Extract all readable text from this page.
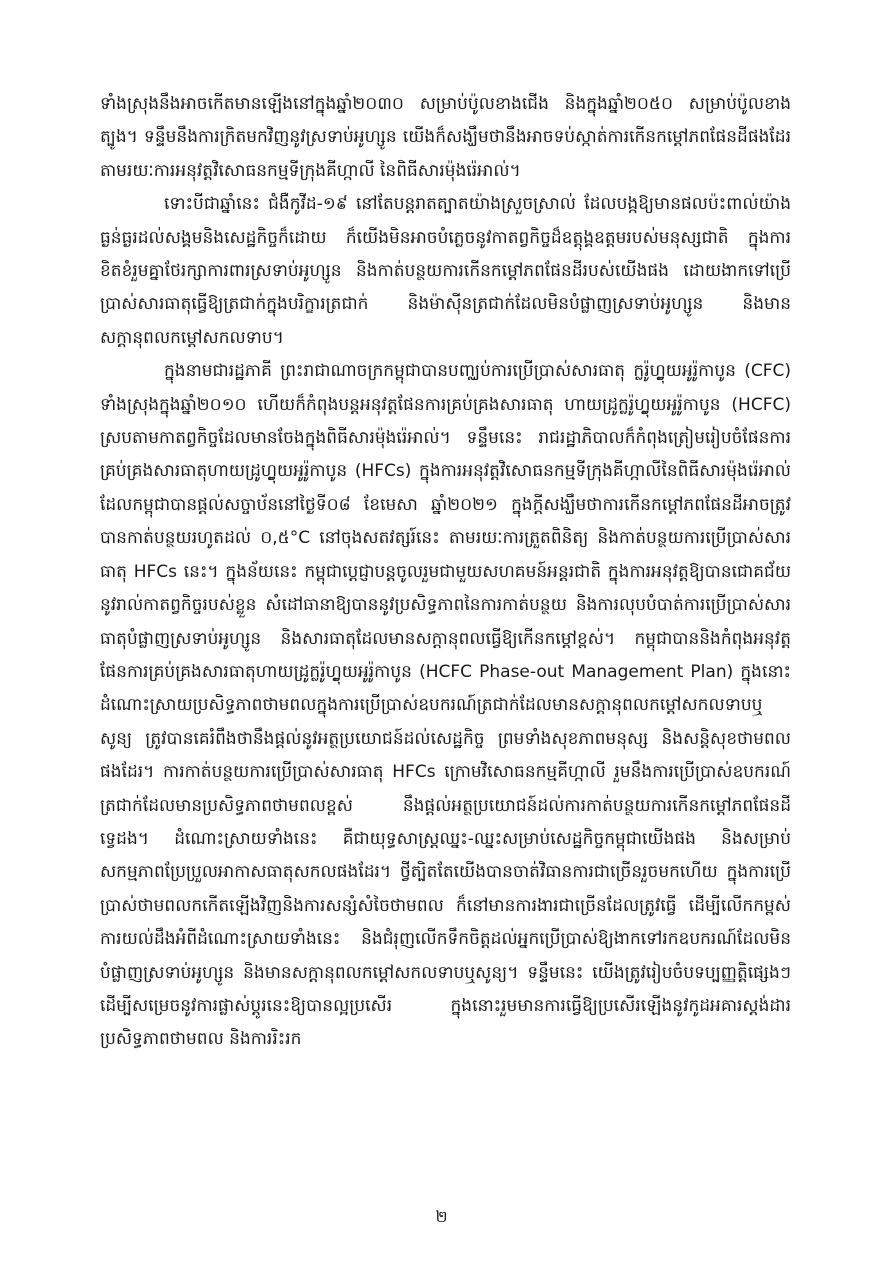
ទាំងស្រុងនឹងអាចកើតមានឡើងនៅក្នុងឆ្នាំ២០៣០ សម្រាប់ប៉ូលខាងជើង និងក្នុងឆ្នាំ២០៥០ សម្រាប់ប៉ូលខាងត្បូង។ ទន្ទឹមនឹងការក្រិតមកវិញនូវស្រទាប់អូហ្សូន យើងក៏សង្ឃឹមថានឹងអាចទប់ស្កាត់ការកើនកម្តៅភពផែនដីផងដែរ តាមរយៈការអនុវត្តវិសោធនកម្មទីក្រុងគីហ្កាលី នៃពិធីសារម៉ុងរ៉េអាល់។

ទោះបីជាឆ្នាំនេះ ជំងឺកូវីដ-១៩ នៅតែបន្តរាតត្បាតយ៉ាងស្រួចស្រាល់ ដែលបង្កឱ្យមានផលប៉ះពាល់យ៉ាងធ្ងន់ធ្ងរដល់សង្គមនិងសេដ្ឋកិច្ចក៏ដោយ ក៏យើងមិនអាចបំភ្លេចនូវកាតព្វកិច្ចដ៏ឧត្តុង្គឧត្តមរបស់មនុស្សជាតិ ក្នុងការខិតខំរួមគ្នាថែរក្សាការពារស្រទាប់អូហ្សូន និងកាត់បន្ថយការកើនកម្តៅភពផែនដីរបស់យើងផង ដោយងាកទៅប្រើប្រាស់សារធាតុធ្វើឱ្យត្រជាក់ក្នុងបរិក្ខារត្រជាក់ និងម៉ាស៊ីនត្រជាក់ដែលមិនបំផ្លាញស្រទាប់អូហ្សូន និងមានសក្តានុពលកម្តៅសកលទាប។

ក្នុងនាមជារដ្ឋភាគី ព្រះរាជាណាចក្រកម្ពុជាបានបញ្ឈប់ការប្រើប្រាស់សារធាតុ ក្លរ៉ូហ្វ្លុយអូរ៉ូកាបូន (CFC) ទាំងស្រុងក្នុងឆ្នាំ២០១០ ហើយក៏កំពុងបន្តអនុវត្តផែនការគ្រប់គ្រងសារធាតុ ហាយដ្រូក្លរ៉ូហ្វ្លុយអូរ៉ូកាបូន (HCFC) ស្របតាមកាតព្វកិច្ចដែលមានចែងក្នុងពិធីសារម៉ុងរ៉េអាល់។ ទន្ទឹមនេះ រាជរដ្ឋាភិបាលក៏កំពុងត្រៀមរៀបចំផែនការគ្រប់គ្រងសារធាតុហាយដ្រូហ្វ្លុយអូរ៉ូកាបូន (HFCs) ក្នុងការអនុវត្តវិសោធនកម្មទីក្រុងគីហ្កាលីនៃពិធីសារម៉ុងរ៉េអាល់ ដែលកម្ពុជាបានផ្តល់សច្ចាប័ននៅថ្ងៃទី០៨ ខែមេសា ឆ្នាំ២០២១ ក្នុងក្តីសង្ឃឹមថាការកើនកម្តៅភពផែនដីអាចត្រូវបានកាត់បន្ថយរហូតដល់ ០,៥°C នៅចុងសតវត្សរ៍នេះ តាមរយៈការត្រួតពិនិត្យ និងកាត់បន្ថយការប្រើប្រាស់សារធាតុ HFCs នេះ។ ក្នុងន័យនេះ កម្ពុជាប្តេជ្ញាបន្តចូលរួមជាមួយសហគមន៍អន្តរជាតិ ក្នុងការអនុវត្តឱ្យបានជោគជ័យនូវរាល់កាតព្វកិច្ចរបស់ខ្លួន សំដៅធានាឱ្យបាននូវប្រសិទ្ធភាពនៃការកាត់បន្ថយ និងការលុបបំបាត់ការប្រើប្រាស់សារធាតុបំផ្លាញស្រទាប់អូហ្សូន និងសារធាតុដែលមានសក្តានុពលធ្វើឱ្យកើនកម្តៅខ្ពស់។ កម្ពុជាបាននិងកំពុងអនុវត្តផែនការគ្រប់គ្រងសារធាតុហាយដ្រូក្លរ៉ូហ្វ្លុយអូរ៉ូកាបូន (HCFC Phase-out Management Plan) ក្នុងនោះដំណោះស្រាយប្រសិទ្ធភាពថាមពលក្នុងការប្រើប្រាស់ឧបករណ៍ត្រជាក់ដែលមានសក្តានុពលកម្តៅសកលទាបឬសូន្យ ត្រូវបានគេរំពឹងថានឹងផ្តល់នូវអត្ថប្រយោជន៍ដល់សេដ្ឋកិច្ច ព្រមទាំងសុខភាពមនុស្ស និងសន្តិសុខថាមពលផងដែរ។ ការកាត់បន្ថយការប្រើប្រាស់សារធាតុ HFCs ក្រោមវិសោធនកម្មគីហ្កាលី រួមនឹងការប្រើប្រាស់ឧបករណ៍ត្រជាក់ដែលមានប្រសិទ្ធភាពថាមពលខ្ពស់ នឹងផ្តល់អត្ថប្រយោជន៍ដល់ការកាត់បន្ថយការកើនកម្តៅភពផែនដីទ្វេដង។ ដំណោះស្រាយទាំងនេះ គឺជាយុទ្ធសាស្ត្រឈ្នះ-ឈ្នះសម្រាប់សេដ្ឋកិច្ចកម្ពុជាយើងផង និងសម្រាប់សកម្មភាពប្រែប្រួលអាកាសធាតុសកលផងដែរ។ ថ្វីត្បិតតែយើងបានចាត់វិធានការជាច្រើនរួចមកហើយ ក្នុងការប្រើប្រាស់ថាមពលកកើតឡើងវិញនិងការសន្សំសំចៃថាមពល ក៏នៅមានការងារជាច្រើនដែលត្រូវធ្វើ ដើម្បីលើកកម្ពស់ការយល់ដឹងអំពីដំណោះស្រាយទាំងនេះ និងជំរុញលើកទឹកចិត្តដល់អ្នកប្រើប្រាស់ឱ្យងាកទៅរកឧបករណ៍ដែលមិនបំផ្លាញស្រទាប់អូហ្សូន និងមានសក្តានុពលកម្តៅសកលទាបឬសូន្យ។ ទន្ទឹមនេះ យើងត្រូវរៀបចំបទប្បញ្ញត្តិផ្សេងៗដើម្បីសម្រេចនូវការផ្លាស់ប្តូរនេះឱ្យបានល្អប្រសើរ ក្នុងនោះរួមមានការធ្វើឱ្យប្រសើរឡើងនូវកូដអគារស្តង់ដារប្រសិទ្ធភាពថាមពល និងការរិះរក

២
